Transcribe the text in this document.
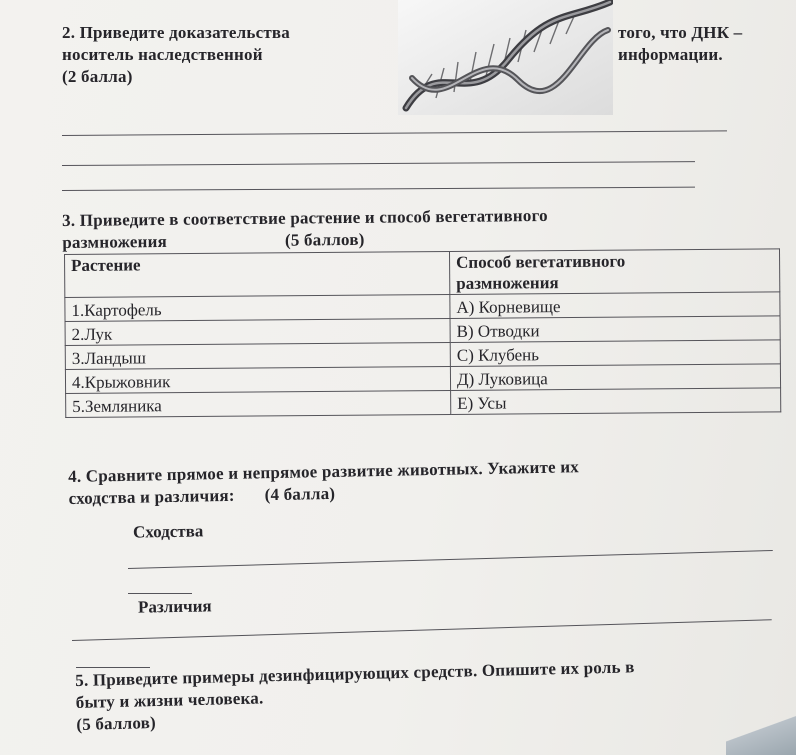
2. Приведите доказательства
носитель наследственной
(2 балла)
того, что ДНК –
информации.
3. Приведите в соответствие растение и способ вегетативного
размножения	(5 баллов)
Растение	Способ вегетативного
размножения

1.Картофель	А) Корневище
2.Лук	В) Отводки
3.Ландыш	С) Клубень
4.Крыжовник	Д) Луковица
5.Земляника	Е) Усы
4. Сравните прямое и непрямое развитие животных. Укажите их
сходства и различия: (4 балла)
Сходства
Различия
5. Приведите примеры дезинфицирующих средств. Опишите их роль в
быту и жизни человека.
(5 баллов)
